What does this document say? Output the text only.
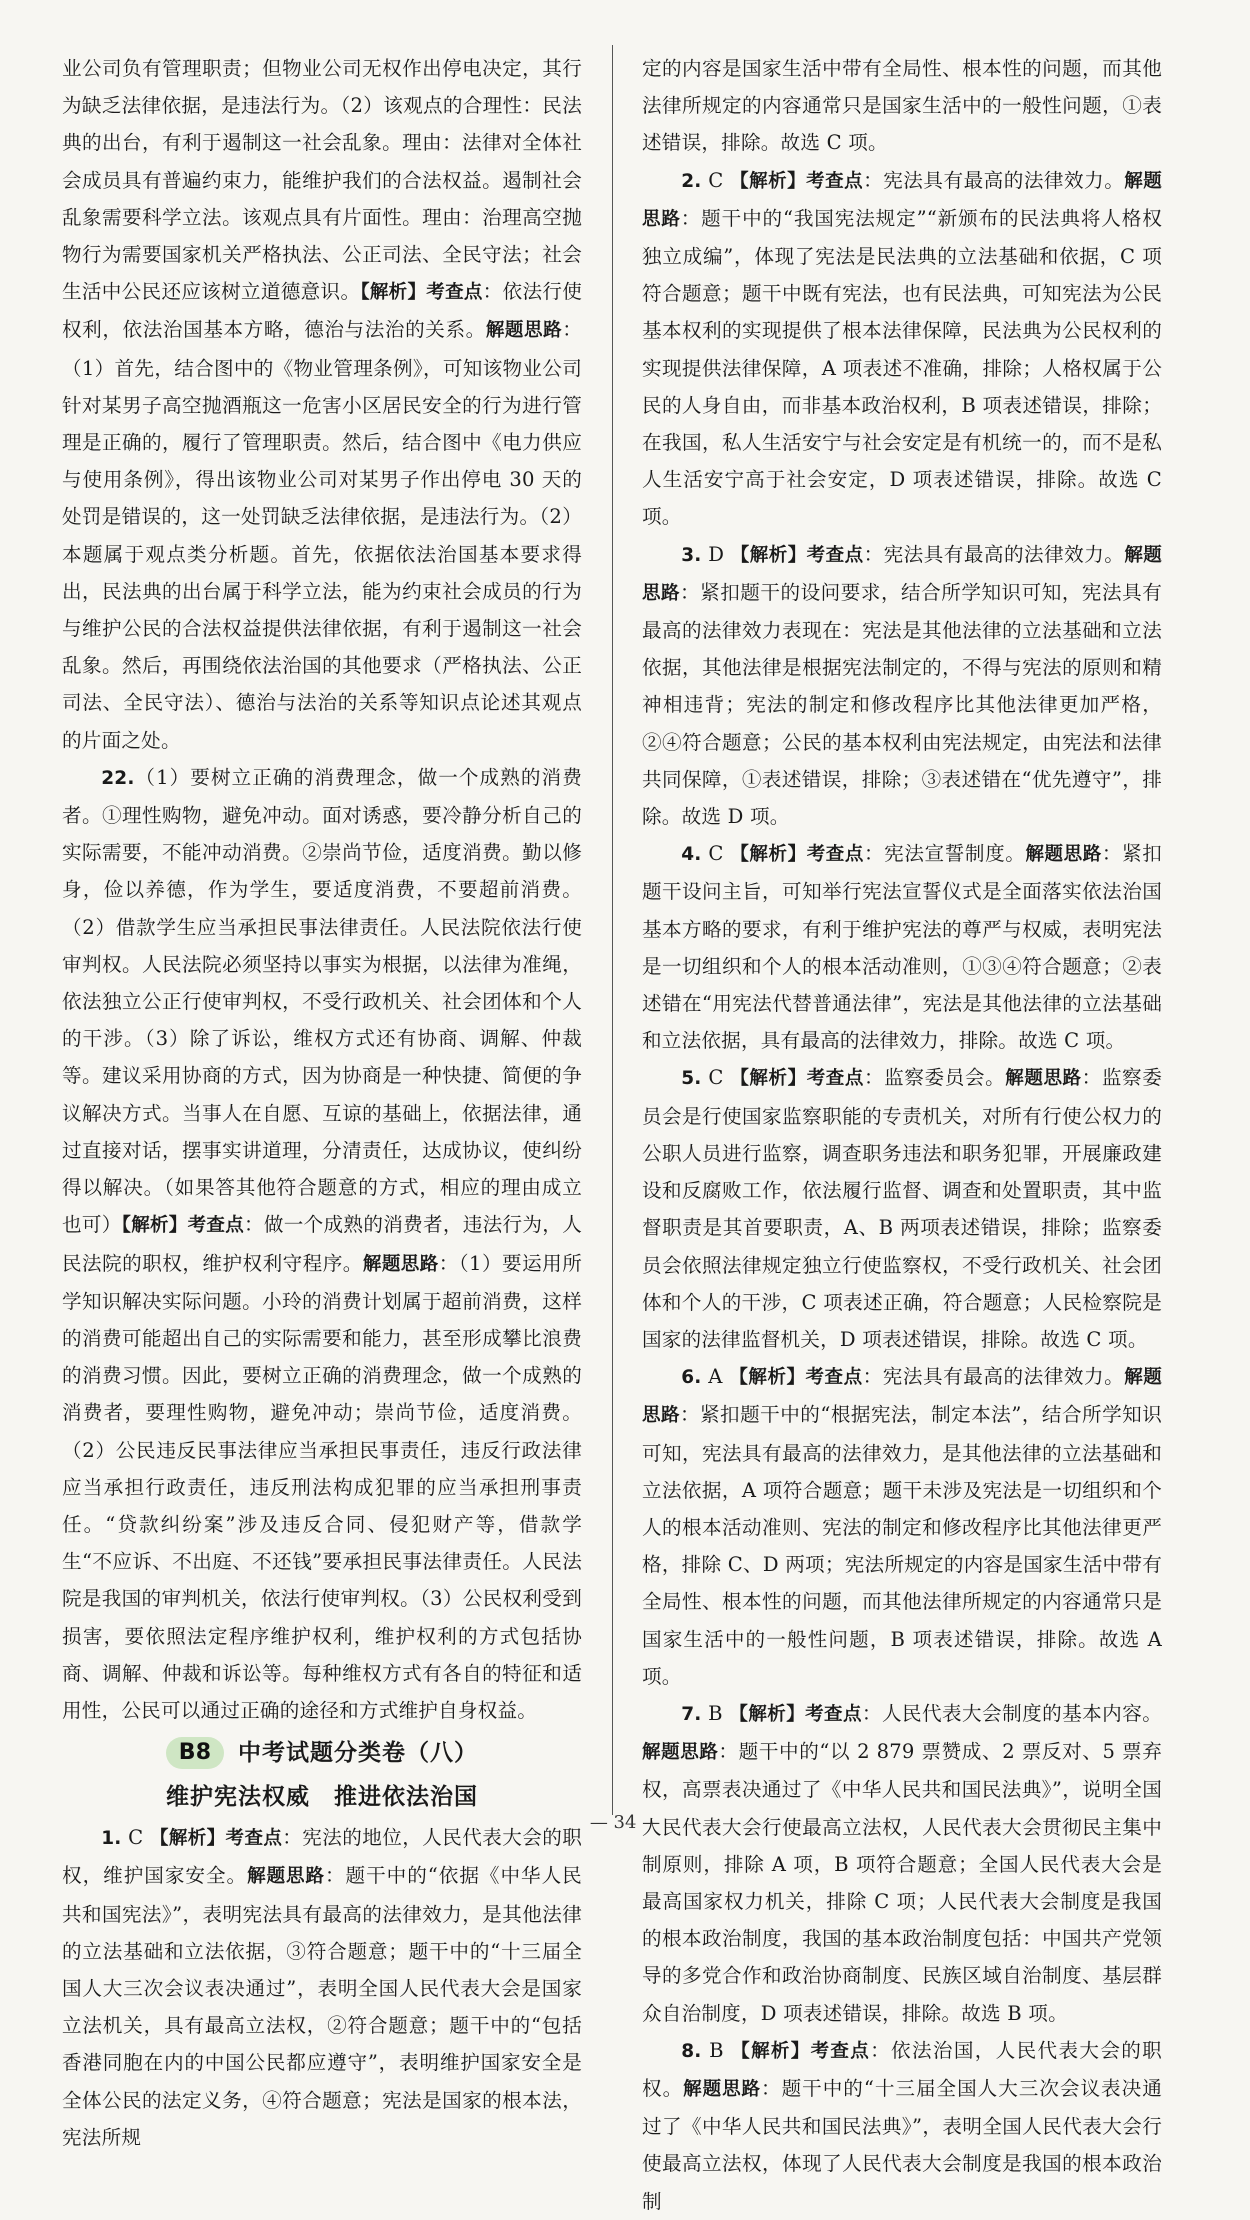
业公司负有管理职责；但物业公司无权作出停电决定，其行为缺乏法律依据，是违法行为。（2）该观点的合理性：民法典的出台，有利于遏制这一社会乱象。理由：法律对全体社会成员具有普遍约束力，能维护我们的合法权益。遏制社会乱象需要科学立法。该观点具有片面性。理由：治理高空抛物行为需要国家机关严格执法、公正司法、全民守法；社会生活中公民还应该树立道德意识。【解析】考查点：依法行使权利，依法治国基本方略，德治与法治的关系。解题思路：（1）首先，结合图中的《物业管理条例》，可知该物业公司针对某男子高空抛酒瓶这一危害小区居民安全的行为进行管理是正确的，履行了管理职责。然后，结合图中《电力供应与使用条例》，得出该物业公司对某男子作出停电 30 天的处罚是错误的，这一处罚缺乏法律依据，是违法行为。（2）本题属于观点类分析题。首先，依据依法治国基本要求得出，民法典的出台属于科学立法，能为约束社会成员的行为与维护公民的合法权益提供法律依据，有利于遏制这一社会乱象。然后，再围绕依法治国的其他要求（严格执法、公正司法、全民守法）、德治与法治的关系等知识点论述其观点的片面之处。

22.（1）要树立正确的消费理念，做一个成熟的消费者。①理性购物，避免冲动。面对诱惑，要冷静分析自己的实际需要，不能冲动消费。②崇尚节俭，适度消费。勤以修身，俭以养德，作为学生，要适度消费，不要超前消费。（2）借款学生应当承担民事法律责任。人民法院依法行使审判权。人民法院必须坚持以事实为根据，以法律为准绳，依法独立公正行使审判权，不受行政机关、社会团体和个人的干涉。（3）除了诉讼，维权方式还有协商、调解、仲裁等。建议采用协商的方式，因为协商是一种快捷、简便的争议解决方式。当事人在自愿、互谅的基础上，依据法律，通过直接对话，摆事实讲道理，分清责任，达成协议，使纠纷得以解决。（如果答其他符合题意的方式，相应的理由成立也可）【解析】考查点：做一个成熟的消费者，违法行为，人民法院的职权，维护权利守程序。解题思路：（1）要运用所学知识解决实际问题。小玲的消费计划属于超前消费，这样的消费可能超出自己的实际需要和能力，甚至形成攀比浪费的消费习惯。因此，要树立正确的消费理念，做一个成熟的消费者，要理性购物，避免冲动；崇尚节俭，适度消费。（2）公民违反民事法律应当承担民事责任，违反行政法律应当承担行政责任，违反刑法构成犯罪的应当承担刑事责任。“贷款纠纷案”涉及违反合同、侵犯财产等，借款学生“不应诉、不出庭、不还钱”要承担民事法律责任。人民法院是我国的审判机关，依法行使审判权。（3）公民权利受到损害，要依照法定程序维护权利，维护权利的方式包括协商、调解、仲裁和诉讼等。每种维权方式有各自的特征和适用性，公民可以通过正确的途径和方式维护自身权益。

B8	中考试题分类卷（八）
维护宪法权威　推进依法治国

1. C 【解析】考查点：宪法的地位，人民代表大会的职权，维护国家安全。解题思路：题干中的“依据《中华人民共和国宪法》”，表明宪法具有最高的法律效力，是其他法律的立法基础和立法依据，③符合题意；题干中的“十三届全国人大三次会议表决通过”，表明全国人民代表大会是国家立法机关，具有最高立法权，②符合题意；题干中的“包括香港同胞在内的中国公民都应遵守”，表明维护国家安全是全体公民的法定义务，④符合题意；宪法是国家的根本法，宪法所规

定的内容是国家生活中带有全局性、根本性的问题，而其他法律所规定的内容通常只是国家生活中的一般性问题，①表述错误，排除。故选 C 项。

2. C 【解析】考查点：宪法具有最高的法律效力。解题思路：题干中的“我国宪法规定”“新颁布的民法典将人格权独立成编”，体现了宪法是民法典的立法基础和依据，C 项符合题意；题干中既有宪法，也有民法典，可知宪法为公民基本权利的实现提供了根本法律保障，民法典为公民权利的实现提供法律保障，A 项表述不准确，排除；人格权属于公民的人身自由，而非基本政治权利，B 项表述错误，排除；在我国，私人生活安宁与社会安定是有机统一的，而不是私人生活安宁高于社会安定，D 项表述错误，排除。故选 C 项。

3. D 【解析】考查点：宪法具有最高的法律效力。解题思路：紧扣题干的设问要求，结合所学知识可知，宪法具有最高的法律效力表现在：宪法是其他法律的立法基础和立法依据，其他法律是根据宪法制定的，不得与宪法的原则和精神相违背；宪法的制定和修改程序比其他法律更加严格，②④符合题意；公民的基本权利由宪法规定，由宪法和法律共同保障，①表述错误，排除；③表述错在“优先遵守”，排除。故选 D 项。

4. C 【解析】考查点：宪法宣誓制度。解题思路：紧扣题干设问主旨，可知举行宪法宣誓仪式是全面落实依法治国基本方略的要求，有利于维护宪法的尊严与权威，表明宪法是一切组织和个人的根本活动准则，①③④符合题意；②表述错在“用宪法代替普通法律”，宪法是其他法律的立法基础和立法依据，具有最高的法律效力，排除。故选 C 项。

5. C 【解析】考查点：监察委员会。解题思路：监察委员会是行使国家监察职能的专责机关，对所有行使公权力的公职人员进行监察，调查职务违法和职务犯罪，开展廉政建设和反腐败工作，依法履行监督、调查和处置职责，其中监督职责是其首要职责，A、B 两项表述错误，排除；监察委员会依照法律规定独立行使监察权，不受行政机关、社会团体和个人的干涉，C 项表述正确，符合题意；人民检察院是国家的法律监督机关，D 项表述错误，排除。故选 C 项。

6. A 【解析】考查点：宪法具有最高的法律效力。解题思路：紧扣题干中的“根据宪法，制定本法”，结合所学知识可知，宪法具有最高的法律效力，是其他法律的立法基础和立法依据，A 项符合题意；题干未涉及宪法是一切组织和个人的根本活动准则、宪法的制定和修改程序比其他法律更严格，排除 C、D 两项；宪法所规定的内容是国家生活中带有全局性、根本性的问题，而其他法律所规定的内容通常只是国家生活中的一般性问题，B 项表述错误，排除。故选 A 项。

7. B 【解析】考查点：人民代表大会制度的基本内容。解题思路：题干中的“以 2 879 票赞成、2 票反对、5 票弃权，高票表决通过了《中华人民共和国民法典》”，说明全国人民代表大会行使最高立法权，人民代表大会贯彻民主集中制原则，排除 A 项，B 项符合题意；全国人民代表大会是最高国家权力机关，排除 C 项；人民代表大会制度是我国的根本政治制度，我国的基本政治制度包括：中国共产党领导的多党合作和政治协商制度、民族区域自治制度、基层群众自治制度，D 项表述错误，排除。故选 B 项。

8. B 【解析】考查点：依法治国，人民代表大会的职权。解题思路：题干中的“十三届全国人大三次会议表决通过了《中华人民共和国民法典》”，表明全国人民代表大会行使最高立法权，体现了人民代表大会制度是我国的根本政治制

— 34 —
